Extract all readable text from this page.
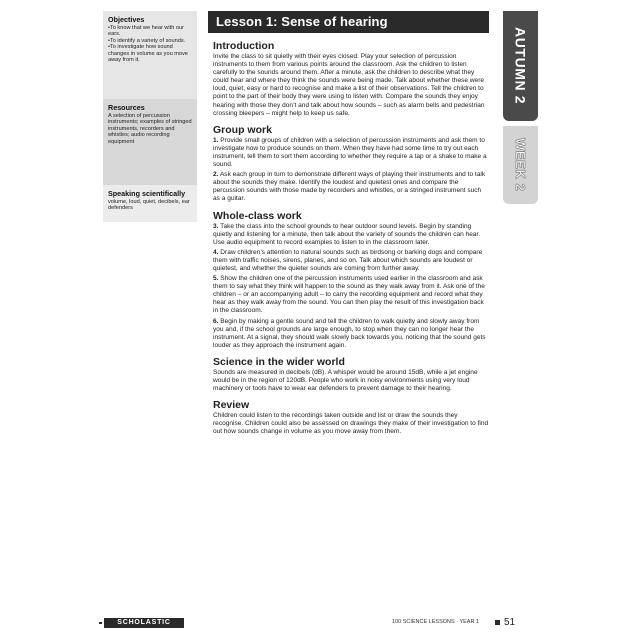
Objectives
• To know that we hear with our ears.
• To identify a variety of sounds.
• To investigate how sound changes in volume as you move away from it.
Resources

A selection of percussion instruments; examples of stringed instruments, recorders and whistles; audio recording equipment

Speaking scientifically

volume, loud, quiet, decibels, ear defenders

Lesson 1: Sense of hearing
AUTUMN 2
WEEK 2
Introduction

Invite the class to sit quietly with their eyes closed. Play your selection of percussion instruments to them from various points around the classroom. Ask the children to listen carefully to the sounds around them. After a minute, ask the children to describe what they could hear and where they think the sounds were being made. Talk about whether these were loud, quiet, easy or hard to recognise and make a list of their observations. Tell the children to point to the part of their body they were using to listen with. Compare the sounds they enjoy hearing with those they don’t and talk about how sounds – such as alarm bells and pedestrian crossing bleepers – might help to keep us safe.

Group work

1. Provide small groups of children with a selection of percussion instruments and ask them to investigate how to produce sounds on them. When they have had some time to try out each instrument, tell them to sort them according to whether they require a tap or a shake to make a sound.

2. Ask each group in turn to demonstrate different ways of playing their instruments and to talk about the sounds they make. Identify the loudest and quietest ones and compare the percussion sounds with those made by recorders and whistles, or a stringed instrument such as a guitar.

Whole-class work

3. Take the class into the school grounds to hear outdoor sound levels. Begin by standing quietly and listening for a minute, then talk about the variety of sounds the children can hear. Use audio equipment to record examples to listen to in the classroom later.

4. Draw children’s attention to natural sounds such as birdsong or barking dogs and compare them with traffic noises, sirens, planes, and so on. Talk about which sounds are loudest or quietest, and whether the quieter sounds are coming from further away.

5. Show the children one of the percussion instruments used earlier in the classroom and ask them to say what they think will happen to the sound as they walk away from it. Ask one of the children – or an accompanying adult – to carry the recording equipment and record what they hear as they walk away from the sound. You can then play the result of this investigation back in the classroom.

6. Begin by making a gentle sound and tell the children to walk quietly and slowly away from you and, if the school grounds are large enough, to stop when they can no longer hear the instrument. At a signal, they should walk slowly back towards you, noticing that the sound gets louder as they approach the instrument again.

Science in the wider world

Sounds are measured in decibels (dB). A whisper would be around 15dB, while a jet engine would be in the region of 120dB. People who work in noisy environments using very loud machinery or tools have to wear ear defenders to prevent damage to their hearing.

Review

Children could listen to the recordings taken outside and list or draw the sounds they recognise. Children could also be assessed on drawings they make of their investigation to find out how sounds change in volume as you move away from them.

SCHOLASTIC	100 SCIENCE LESSONS · YEAR 1 51
